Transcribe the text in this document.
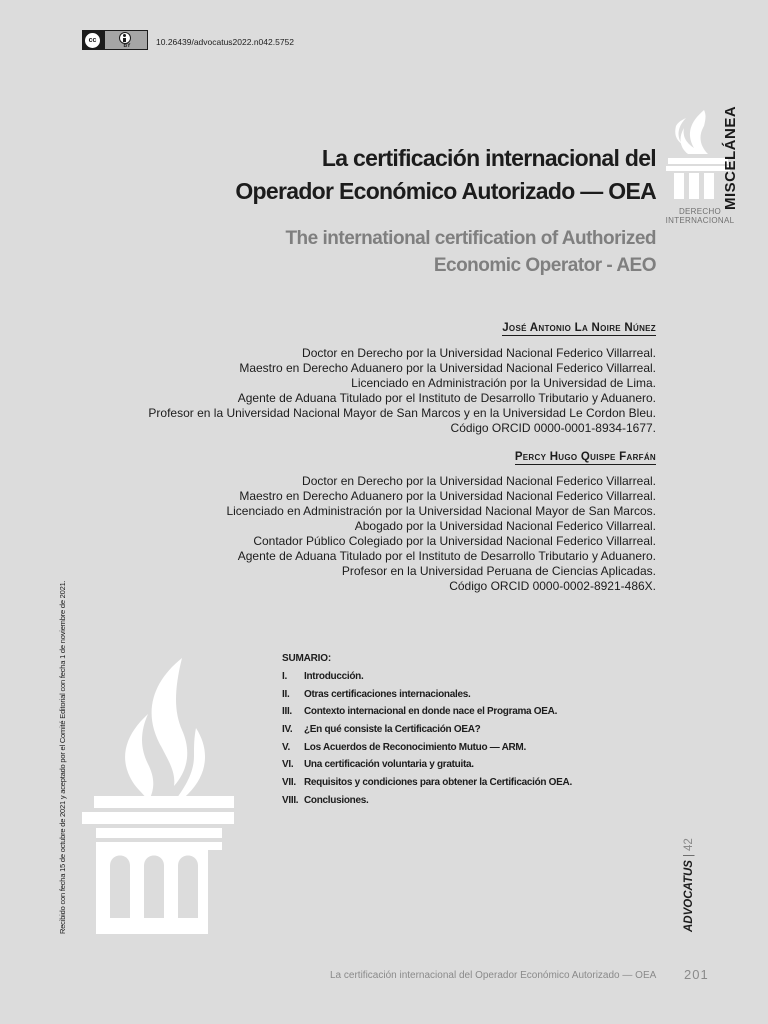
cc
BY	10.26439/advocatus2022.n042.5752
MISCELÁNEA
DERECHO
INTERNACIONAL
La certificación internacional del
Operador Económico Autorizado — OEA
The international certification of Authorized
Economic Operator - AEO
José Antonio La Noire Núnez
Doctor en Derecho por la Universidad Nacional Federico Villarreal.
Maestro en Derecho Aduanero por la Universidad Nacional Federico Villarreal.
Licenciado en Administración por la Universidad de Lima.
Agente de Aduana Titulado por el Instituto de Desarrollo Tributario y Aduanero.
Profesor en la Universidad Nacional Mayor de San Marcos y en la Universidad Le Cordon Bleu.
Código ORCID 0000-0001-8934-1677.
Percy Hugo Quispe Farfán
Doctor en Derecho por la Universidad Nacional Federico Villarreal.
Maestro en Derecho Aduanero por la Universidad Nacional Federico Villarreal.
Licenciado en Administración por la Universidad Nacional Mayor de San Marcos.
Abogado por la Universidad Nacional Federico Villarreal.
Contador Público Colegiado por la Universidad Nacional Federico Villarreal.
Agente de Aduana Titulado por el Instituto de Desarrollo Tributario y Aduanero.
Profesor en la Universidad Peruana de Ciencias Aplicadas.
Código ORCID 0000-0002-8921-486X.
Recibido con fecha 15 de octubre de 2021 y aceptado por el Comité Editorial con fecha 1 de noviembre de 2021.	SUMARIO:
I.	Introducción.
II.	Otras certificaciones internacionales.
III.	Contexto internacional en donde nace el Programa OEA.
IV.	¿En qué consiste la Certificación OEA?
V.	Los Acuerdos de Reconocimiento Mutuo — ARM.
VI.	Una certificación voluntaria y gratuita.
VII. Requisitos y condiciones para obtener la Certificación OEA.
VIII. Conclusiones.
ADVOCATUS|42
La certificación internacional del Operador Económico Autorizado — OEA 201
